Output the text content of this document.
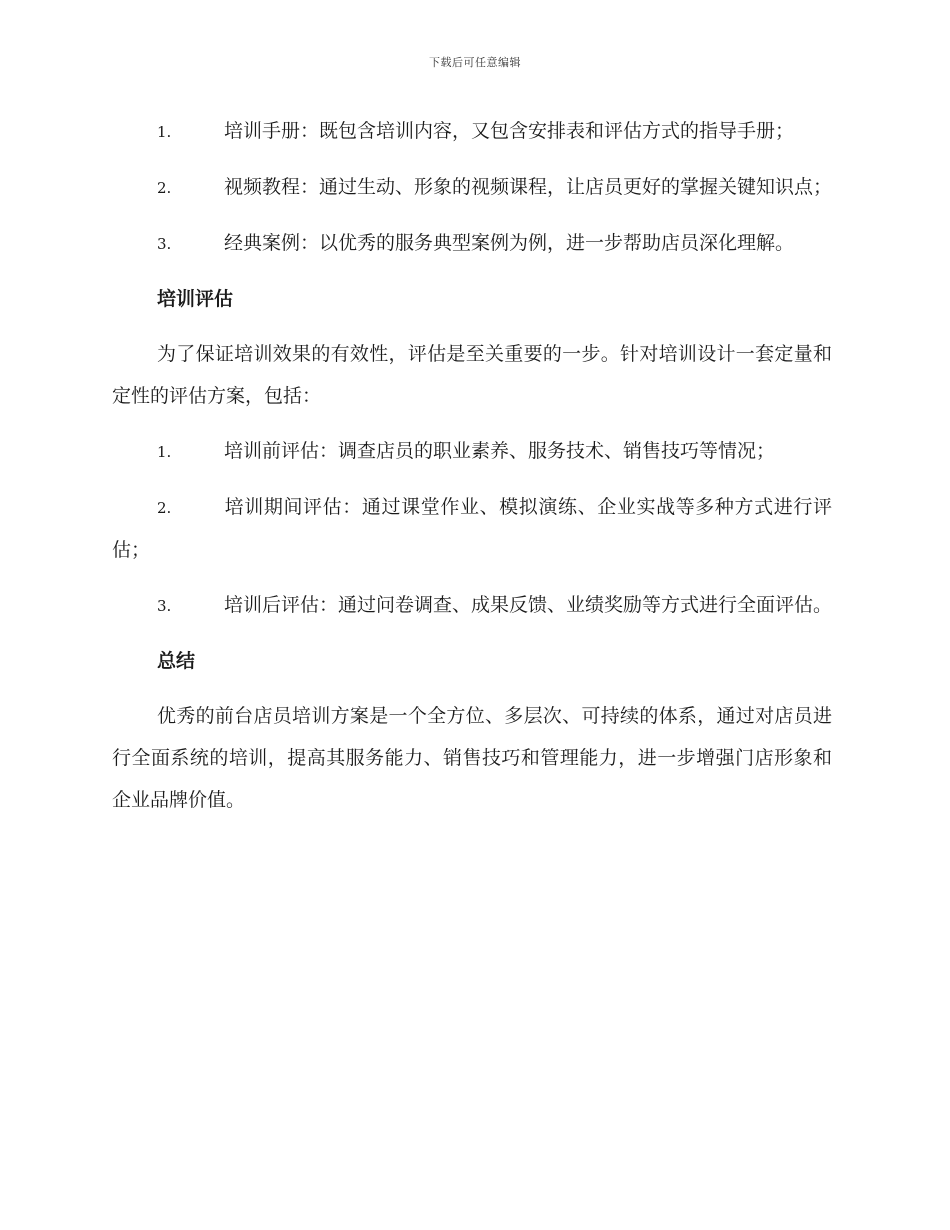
下载后可任意编辑
1.	培训手册：既包含培训内容，又包含安排表和评估方式的指导手册；
2.	视频教程：通过生动、形象的视频课程，让店员更好的掌握关键知识点；
3.	经典案例：以优秀的服务典型案例为例，进一步帮助店员深化理解。
培训评估
为了保证培训效果的有效性，评估是至关重要的一步。针对培训设计一套定量和定性的评估方案，包括：
1.	培训前评估：调查店员的职业素养、服务技术、销售技巧等情况；
2.	培训期间评估：通过课堂作业、模拟演练、企业实战等多种方式进行评估；
3.	培训后评估：通过问卷调查、成果反馈、业绩奖励等方式进行全面评估。
总结
优秀的前台店员培训方案是一个全方位、多层次、可持续的体系，通过对店员进行全面系统的培训，提高其服务能力、销售技巧和管理能力，进一步增强门店形象和企业品牌价值。
